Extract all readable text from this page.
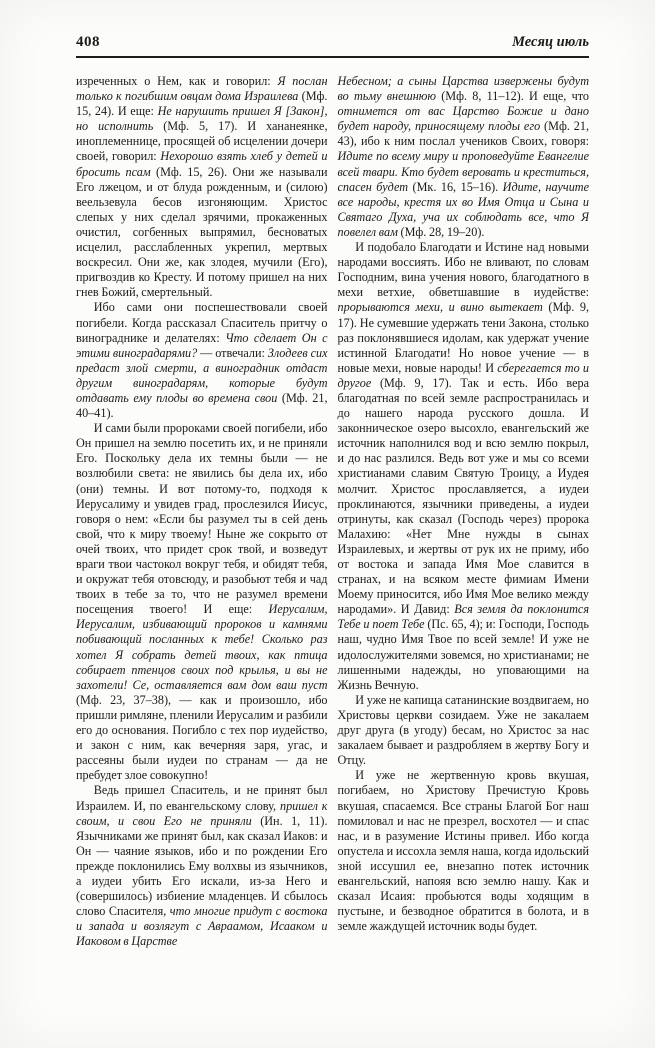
408	Месяц июль

изреченных о Нем, как и говорил: Я послан только к погибшим овцам дома Израилева (Мф. 15, 24). И еще: Не нарушить пришел Я [Закон], но исполнить (Мф. 5, 17). И хананеянке, иноплеменнице, просящей об исцелении дочери своей, говорил: Нехорошо взять хлеб у детей и бросить псам (Мф. 15, 26). Они же называли Его лжецом, и от блуда рожденным, и (силою) веельзевула бесов изгоняющим. Христос слепых у них сделал зрячими, прокаженных очистил, согбенных выпрямил, бесноватых исцелил, расслабленных укрепил, мертвых воскресил. Они же, как злодея, мучили (Его), пригвоздив ко Кресту. И потому пришел на них гнев Божий, смертельный.

Ибо сами они поспешествовали своей погибели. Когда рассказал Спаситель притчу о винограднике и делателях: Что сделает Он с этими виноградарями? — отвечали: Злодеев сих предаст злой смерти, а виноградник отдаст другим виноградарям, которые будут отдавать ему плоды во времена свои (Мф. 21, 40–41).

И сами были пророками своей погибели, ибо Он пришел на землю посетить их, и не приняли Его. Поскольку дела их темны были — не возлюбили света: не явились бы дела их, ибо (они) темны. И вот потому-то, подходя к Иерусалиму и увидев град, прослезился Иисус, говоря о нем: «Если бы разумел ты в сей день свой, что к миру твоему! Ныне же сокрыто от очей твоих, что придет срок твой, и возведут враги твои частокол вокруг тебя, и обидят тебя, и окружат тебя отовсюду, и разобьют тебя и чад твоих в тебе за то, что не разумел времени посещения твоего! И еще: Иерусалим, Иерусалим, избивающий пророков и камнями побивающий посланных к тебе! Сколько раз хотел Я собрать детей твоих, как птица собирает птенцов своих под крылья, и вы не захотели! Се, оставляется вам дом ваш пуст (Мф. 23, 37–38), — как и произошло, ибо пришли римляне, пленили Иерусалим и разбили его до основания. Погибло с тех пор иудейство, и закон с ним, как вечерняя заря, угас, и рассеяны были иудеи по странам — да не пребудет злое совокупно!

Ведь пришел Спаситель, и не принят был Израилем. И, по евангельскому слову, пришел к своим, и свои Его не приняли (Ин. 1, 11). Язычниками же принят был, как сказал Иаков: и Он — чаяние языков, ибо и по рождении Его прежде поклонились Ему волхвы из язычников, а иудеи убить Его искали, из-за Него и (совершилось) избиение младенцев. И сбылось слово Спасителя, что многие придут с востока и запада и возлягут с Авраамом, Исааком и Иаковом в Царстве

Небесном; а сыны Царства извержены будут во тьму внешнюю (Мф. 8, 11–12). И еще, что отнимется от вас Царство Божие и дано будет народу, приносящему плоды его (Мф. 21, 43), ибо к ним послал учеников Своих, говоря: Идите по всему миру и проповедуйте Евангелие всей твари. Кто будет веровать и креститься, спасен будет (Мк. 16, 15–16). Идите, научите все народы, крестя их во Имя Отца и Сына и Святаго Духа, уча их соблюдать все, что Я повелел вам (Мф. 28, 19–20).

И подобало Благодати и Истине над новыми народами воссиять. Ибо не вливают, по словам Господним, вина учения нового, благодатного в мехи ветхие, обветшавшие в иудействе: прорываются мехи, и вино вытекает (Мф. 9, 17). Не сумевшие удержать тени Закона, столько раз поклонявшиеся идолам, как удержат учение истинной Благодати! Но новое учение — в новые мехи, новые народы! И сберегается то и другое (Мф. 9, 17). Так и есть. Ибо вера благодатная по всей земле распространилась и до нашего народа русского дошла. И законническое озеро высохло, евангельский же источник наполнился вод и всю землю покрыл, и до нас разлился. Ведь вот уже и мы со всеми христианами славим Святую Троицу, а Иудея молчит. Христос прославляется, а иудеи проклинаются, язычники приведены, а иудеи отринуты, как сказал (Господь через) пророка Малахию: «Нет Мне нужды в сынах Израилевых, и жертвы от рук их не приму, ибо от востока и запада Имя Мое славится в странах, и на всяком месте фимиам Имени Моему приносится, ибо Имя Мое велико между народами». И Давид: Вся земля да поклонится Тебе и поет Тебе (Пс. 65, 4); и: Господи, Господь наш, чудно Имя Твое по всей земле! И уже не идолослужителями зовемся, но христианами; не лишенными надежды, но уповающими на Жизнь Вечную.

И уже не капища сатанинские воздвигаем, но Христовы церкви созидаем. Уже не закалаем друг друга (в угоду) бесам, но Христос за нас закалаем бывает и раздробляем в жертву Богу и Отцу.

И уже не жертвенную кровь вкушая, погибаем, но Христову Пречистую Кровь вкушая, спасаемся. Все страны Благой Бог наш помиловал и нас не презрел, восхотел — и спас нас, и в разумение Истины привел. Ибо когда опустела и иссохла земля наша, когда идольский зной иссушил ее, внезапно потек источник евангельский, напояя всю землю нашу. Как и сказал Исаия: пробьются воды ходящим в пустыне, и безводное обратится в болота, и в земле жаждущей источник воды будет.
